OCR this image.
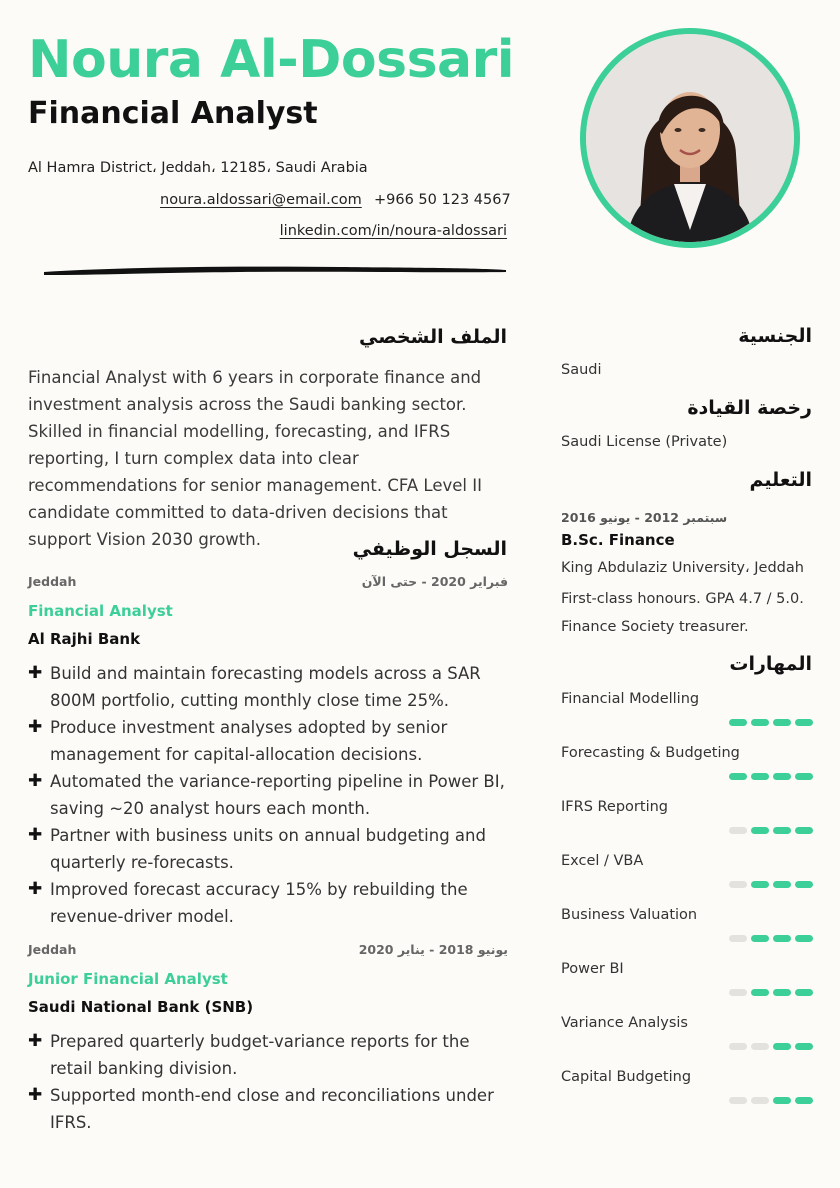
Noura Al-Dossari
Financial Analyst
Al Hamra District، Jeddah، 12185، Saudi Arabia
noura.aldossari@email.com +966 50 123 4567
linkedin.com/in/noura-aldossari
الملف الشخصي

Financial Analyst with 6 years in corporate finance and investment analysis across the Saudi banking sector. Skilled in financial modelling, forecasting, and IFRS reporting, I turn complex data into clear recommendations for senior management. CFA Level II candidate committed to data-driven decisions that support Vision 2030 growth.	السجل الوظيفي
Jeddah	فبراير 2020 - حتى الآن
Financial Analyst
Al Rajhi Bank
✚ Build and maintain forecasting models across a SAR 800M portfolio, cutting monthly close time 25%.
✚ Produce investment analyses adopted by senior management for capital-allocation decisions.
✚ Automated the variance-reporting pipeline in Power BI, saving ~20 analyst hours each month.
✚ Partner with business units on annual budgeting and quarterly re-forecasts.
✚ Improved forecast accuracy 15% by rebuilding the revenue-driver model.
Jeddah	يونيو 2018 - يناير 2020
Junior Financial Analyst
Saudi National Bank (SNB)
✚ Prepared quarterly budget-variance reports for the retail banking division.
✚ Supported month-end close and reconciliations under IFRS.
الجنسية
Saudi
رخصة القيادة
Saudi License (Private)
التعليم
سبتمبر 2012 - يونيو 2016
B.Sc. Finance
King Abdulaziz University، Jeddah
First-class honours. GPA 4.7 / 5.0.
Finance Society treasurer.
المهارات
Financial Modelling
Forecasting & Budgeting
IFRS Reporting
Excel / VBA
Business Valuation
Power BI
Variance Analysis
Capital Budgeting
